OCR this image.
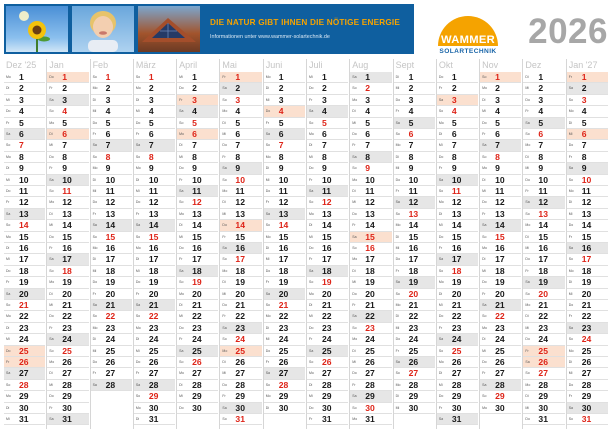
DIE NATUR GIBT IHNEN DIE NÖTIGE ENERGIE
Informationen unter www.wammer-solartechnik.de	WAMMER
SOLARTECHNIK
2026
Dez '25
Mo 1
Di 2
Mi 3
Do 4
Fr 5
Sa 6
So 7
Mo 8
Di 9
Mi 10
Do 11
Fr 12
Sa 13
So 14
Mo 15
Di 16
Mi 17
Do 18
Fr 19
Sa 20
So 21
Mo 22
Di 23
Mi 24
Do 25
Fr 26
Sa 27
So 28
Mo 29
Di 30
Mi 31
Jan
Do 1
Fr 2
Sa 3
So 4
Mo 5
Di 6
Mi 7
Do 8
Fr 9
Sa 10
So 11
Mo 12
Di 13
Mi 14
Do 15
Fr 16
Sa 17
So 18
Mo 19
Di 20
Mi 21
Do 22
Fr 23
Sa 24
So 25
Mo 26
Di 27
Mi 28
Do 29
Fr 30
Sa 31
Feb
So 1
Mo 2
Di 3
Mi 4
Do 5
Fr 6
Sa 7
So 8
Mo 9
Di 10
Mi 11
Do 12
Fr 13
Sa 14
So 15
Mo 16
Di 17
Mi 18
Do 19
Fr 20
Sa 21
So 22
Mo 23
Di 24
Mi 25
Do 26
Fr 27
Sa 28
März
So 1
Mo 2
Di 3
Mi 4
Do 5
Fr 6
Sa 7
So 8
Mo 9
Di 10
Mi 11
Do 12
Fr 13
Sa 14
So 15
Mo 16
Di 17
Mi 18
Do 19
Fr 20
Sa 21
So 22
Mo 23
Di 24
Mi 25
Do 26
Fr 27
Sa 28
So 29
Mo 30
Di 31
April
Mi 1
Do 2
Fr 3
Sa 4
So 5
Mo 6
Di 7
Mi 8
Do 9
Fr 10
Sa 11
So 12
Mo 13
Di 14
Mi 15
Do 16
Fr 17
Sa 18
So 19
Mo 20
Di 21
Mi 22
Do 23
Fr 24
Sa 25
So 26
Mo 27
Di 28
Mi 29
Do 30
Mai
Fr 1
Sa 2
So 3
Mo 4
Di 5
Mi 6
Do 7
Fr 8
Sa 9
So 10
Mo 11
Di 12
Mi 13
Do 14
Fr 15
Sa 16
So 17
Mo 18
Di 19
Mi 20
Do 21
Fr 22
Sa 23
So 24
Mo 25
Di 26
Mi 27
Do 28
Fr 29
Sa 30
So 31
Juni
Mo 1
Di 2
Mi 3
Do 4
Fr 5
Sa 6
So 7
Mo 8
Di 9
Mi 10
Do 11
Fr 12
Sa 13
So 14
Mo 15
Di 16
Mi 17
Do 18
Fr 19
Sa 20
So 21
Mo 22
Di 23
Mi 24
Do 25
Fr 26
Sa 27
So 28
Mo 29
Di 30
Juli
Mi 1
Do 2
Fr 3
Sa 4
So 5
Mo 6
Di 7
Mi 8
Do 9
Fr 10
Sa 11
So 12
Mo 13
Di 14
Mi 15
Do 16
Fr 17
Sa 18
So 19
Mo 20
Di 21
Mi 22
Do 23
Fr 24
Sa 25
So 26
Mo 27
Di 28
Mi 29
Do 30
Fr 31
Aug
Sa 1
So 2
Mo 3
Di 4
Mi 5
Do 6
Fr 7
Sa 8
So 9
Mo 10
Di 11
Mi 12
Do 13
Fr 14
Sa 15
So 16
Mo 17
Di 18
Mi 19
Do 20
Fr 21
Sa 22
So 23
Mo 24
Di 25
Mi 26
Do 27
Fr 28
Sa 29
So 30
Mo 31
Sept
Di 1
Mi 2
Do 3
Fr 4
Sa 5
So 6
Mo 7
Di 8
Mi 9
Do 10
Fr 11
Sa 12
So 13
Mo 14
Di 15
Mi 16
Do 17
Fr 18
Sa 19
So 20
Mo 21
Di 22
Mi 23
Do 24
Fr 25
Sa 26
So 27
Mo 28
Di 29
Mi 30
Okt
Do 1
Fr 2
Sa 3
So 4
Mo 5
Di 6
Mi 7
Do 8
Fr 9
Sa 10
So 11
Mo 12
Di 13
Mi 14
Do 15
Fr 16
Sa 17
So 18
Mo 19
Di 20
Mi 21
Do 22
Fr 23
Sa 24
So 25
Mo 26
Di 27
Mi 28
Do 29
Fr 30
Sa 31
Nov
So 1
Mo 2
Di 3
Mi 4
Do 5
Fr 6
Sa 7
So 8
Mo 9
Di 10
Mi 11
Do 12
Fr 13
Sa 14
So 15
Mo 16
Di 17
Mi 18
Do 19
Fr 20
Sa 21
So 22
Mo 23
Di 24
Mi 25
Do 26
Fr 27
Sa 28
So 29
Mo 30
Dez
Di 1
Mi 2
Do 3
Fr 4
Sa 5
So 6
Mo 7
Di 8
Mi 9
Do 10
Fr 11
Sa 12
So 13
Mo 14
Di 15
Mi 16
Do 17
Fr 18
Sa 19
So 20
Mo 21
Di 22
Mi 23
Do 24
Fr 25
Sa 26
So 27
Mo 28
Di 29
Mi 30
Do 31
Jan '27
Fr 1
Sa 2
So 3
Mo 4
Di 5
Mi 6
Do 7
Fr 8
Sa 9
So 10
Mo 11
Di 12
Mi 13
Do 14
Fr 15
Sa 16
So 17
Mo 18
Di 19
Mi 20
Do 21
Fr 22
Sa 23
So 24
Mo 25
Di 26
Mi 27
Do 28
Fr 29
Sa 30
So 31
